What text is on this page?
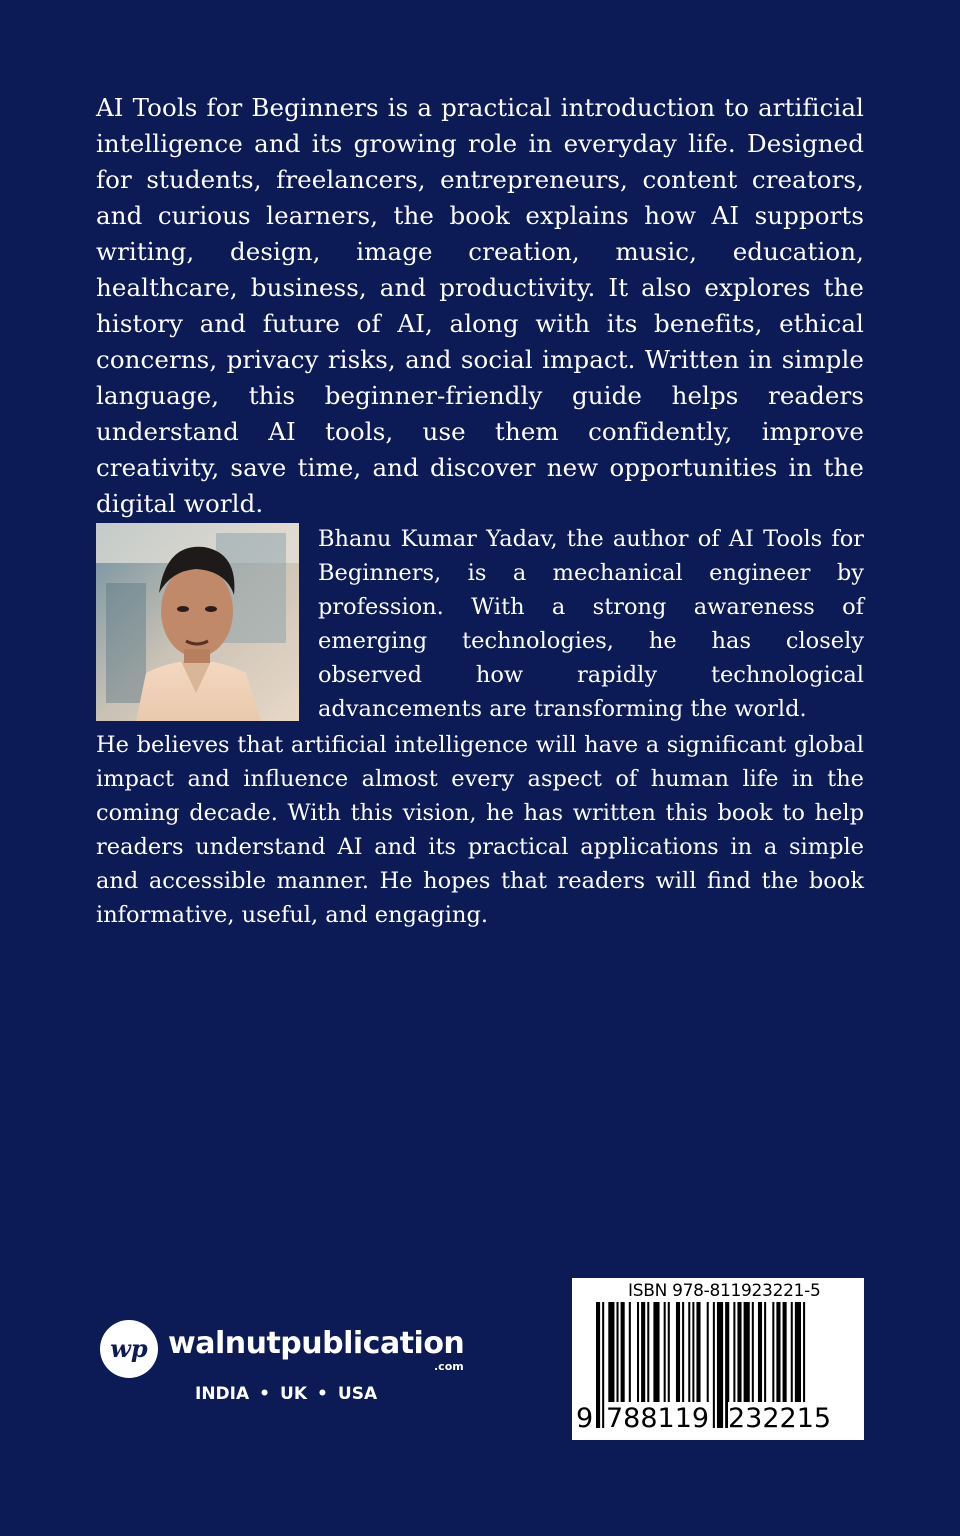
AI Tools for Beginners is a practical introduction to artificial intelligence and its growing role in everyday life. Designed for students, freelancers, entrepreneurs, content creators, and curious learners, the book explains how AI supports writing, design, image creation, music, education, healthcare, business, and productivity. It also explores the history and future of AI, along with its benefits, ethical concerns, privacy risks, and social impact. Written in simple language, this beginner-friendly guide helps readers understand AI tools, use them confidently, improve creativity, save time, and discover new opportunities in the digital world.

Bhanu Kumar Yadav, the author of AI Tools for Beginners, is a mechanical engineer by profession. With a strong awareness of emerging technologies, he has closely observed how rapidly technological advancements are transforming the world.

He believes that artificial intelligence will have a significant global impact and influence almost every aspect of human life in the coming decade. With this vision, he has written this book to help readers understand AI and its practical applications in a simple and accessible manner. He hopes that readers will find the book informative, useful, and engaging.

wp walnutpublication
.com
INDIA • UK • USA
ISBN 978-811923221-5
9 788119 232215
